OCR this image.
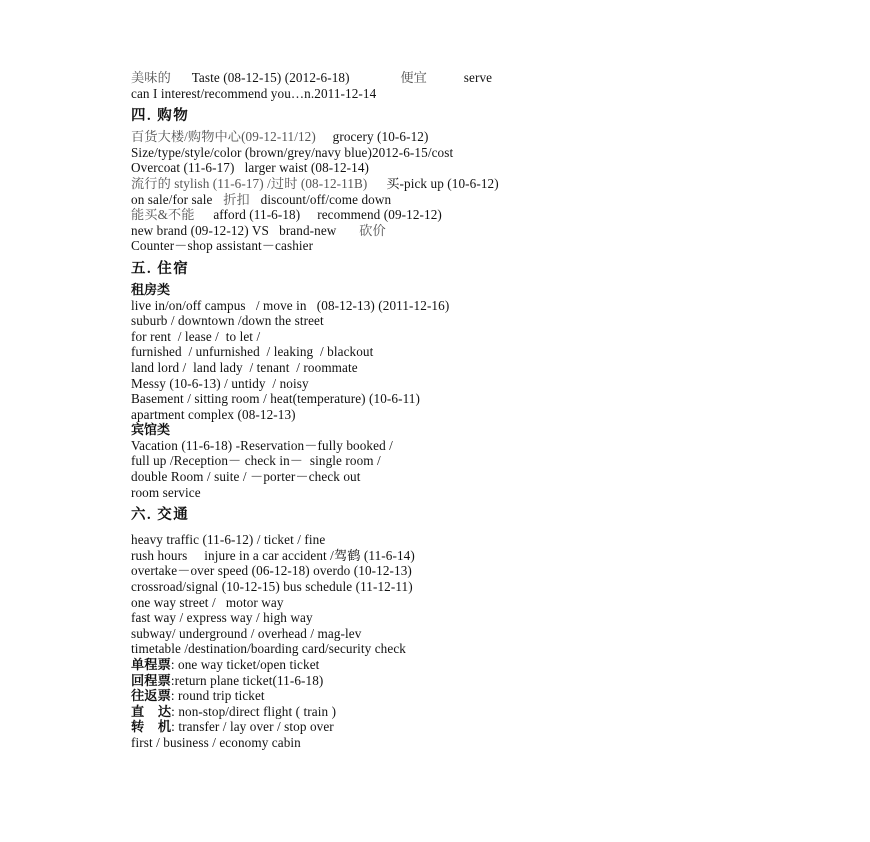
美味的 Taste (08-12-15) (2012-6-18)	便宜	serve
can I interest/recommend you…n.2011-12-14
四. 购物
百货大楼/购物中心(09-12-11/12) grocery (10-6-12)
Size/type/style/color (brown/grey/navy blue)2012-6-15/cost
Overcoat (11-6-17)   larger waist (08-12-14)
流行的 stylish (11-6-17) /过时 (08-12-11B) 买-pick up (10-6-12)
on sale/for sale 折扣 discount/off/come down
能买&不能 afford (11-6-18)     recommend (09-12-12)
new brand (09-12-12) VS   brand-new 砍价
Counter－shop assistant－cashier
五. 住宿
租房类
live in/on/off campus   / move in   (08-12-13) (2011-12-16)
suburb / downtown /down the street
for rent  / lease /  to let /
furnished  / unfurnished  / leaking  / blackout
land lord /  land lady  / tenant  / roommate
Messy (10-6-13) / untidy  / noisy
Basement / sitting room / heat(temperature) (10-6-11)
apartment complex (08-12-13)
宾馆类
Vacation (11-6-18) -Reservation－fully booked /
full up /Reception－ check in－  single room /
double Room / suite / －porter－check out
room service
六. 交通
heavy traffic (11-6-12) / ticket / fine
rush hours     injure in a car accident /驾鹤 (11-6-14)
overtake－over speed (06-12-18) overdo (10-12-13)
crossroad/signal (10-12-15) bus schedule (11-12-11)
one way street /   motor way
fast way / express way / high way
subway/ underground / overhead / mag-lev
timetable /destination/boarding card/security check
单程票: one way ticket/open ticket
回程票:return plane ticket(11-6-18)
往返票: round trip ticket
直    达: non-stop/direct flight ( train )
转    机: transfer / lay over / stop over
first / business / economy cabin
